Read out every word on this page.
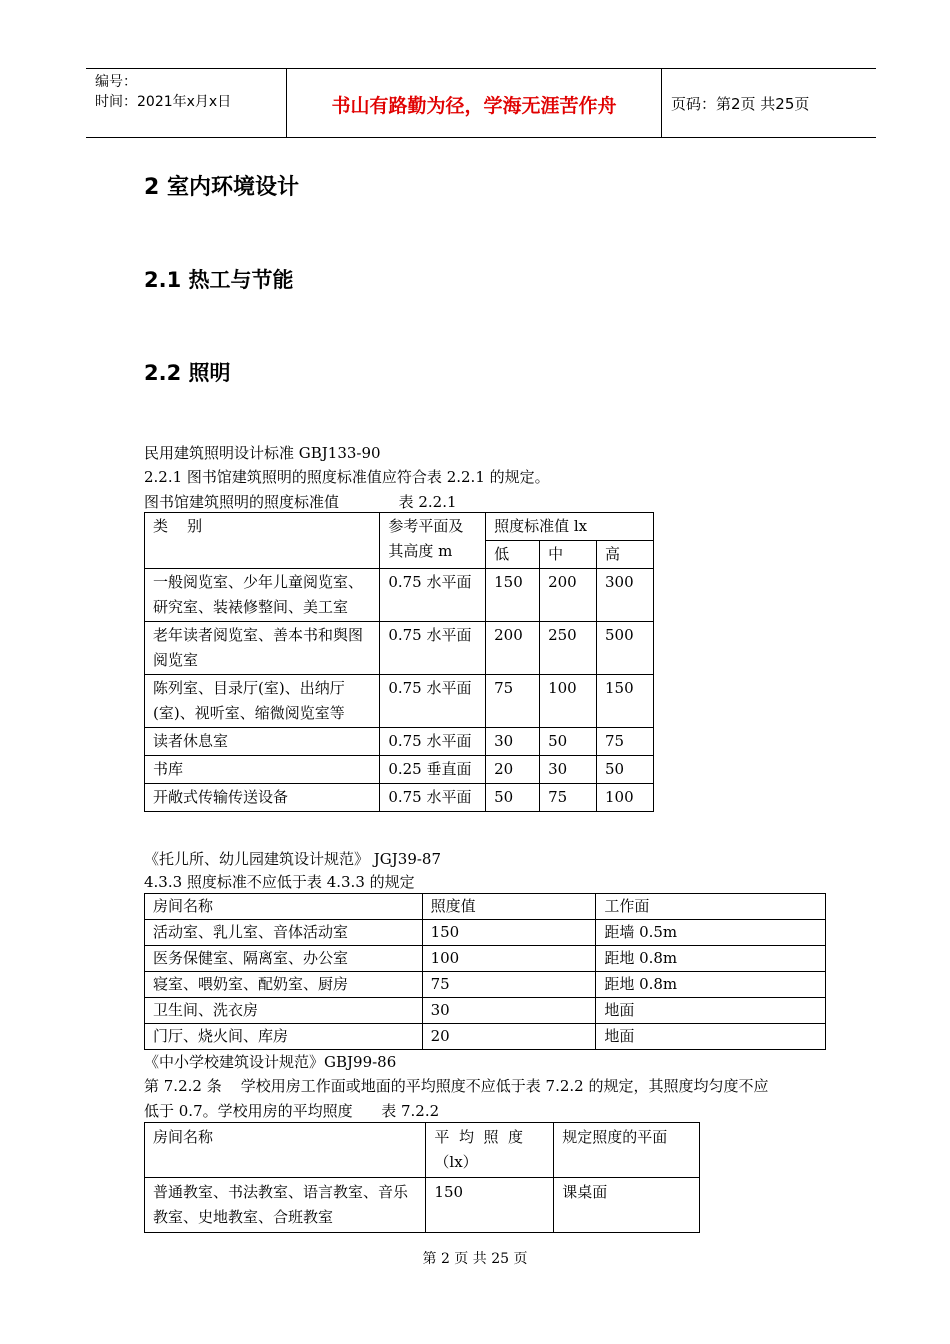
编号：
时间：2021年x月x日	书山有路勤为径，学海无涯苦作舟	页码：第2页 共25页
2 室内环境设计
2.1 热工与节能
2.2 照明
民用建筑照明设计标准 GBJ133-90
2.2.1 图书馆建筑照明的照度标准值应符合表 2.2.1 的规定。
图书馆建筑照明的照度标准值	表 2.2.1
类    别	参考平面及其高度 m	照度标准值 lx		
		低	中	高
一般阅览室、少年儿童阅览室、研究室、装裱修整间、美工室	0.75 水平面	150	200	300
老年读者阅览室、善本书和舆图阅览室	0.75 水平面	200	250	500
陈列室、目录厅(室)、出纳厅(室)、视听室、缩微阅览室等	0.75 水平面	75	100	150
读者休息室	0.75 水平面	30	50	75
书库	0.25 垂直面	20	30	50
开敞式传输传送设备	0.75 水平面	50	75	100
《托儿所、幼儿园建筑设计规范》 JGJ39-87
4.3.3 照度标准不应低于表 4.3.3 的规定
房间名称	照度值	工作面
活动室、乳儿室、音体活动室	150	距墙 0.5m
医务保健室、隔离室、办公室	100	距地 0.8m
寝室、喂奶室、配奶室、厨房	75	距地 0.8m
卫生间、洗衣房	30	地面
门厅、烧火间、库房	20	地面
《中小学校建筑设计规范》GBJ99-86
第 7.2.2 条    学校用房工作面或地面的平均照度不应低于表 7.2.2 的规定，其照度均匀度不应
低于 0.7。学校用房的平均照度      表 7.2.2
房间名称	平  均  照  度（lx）	规定照度的平面
普通教室、书法教室、语言教室、音乐教室、史地教室、合班教室	150	课桌面
第 2 页 共 25 页
